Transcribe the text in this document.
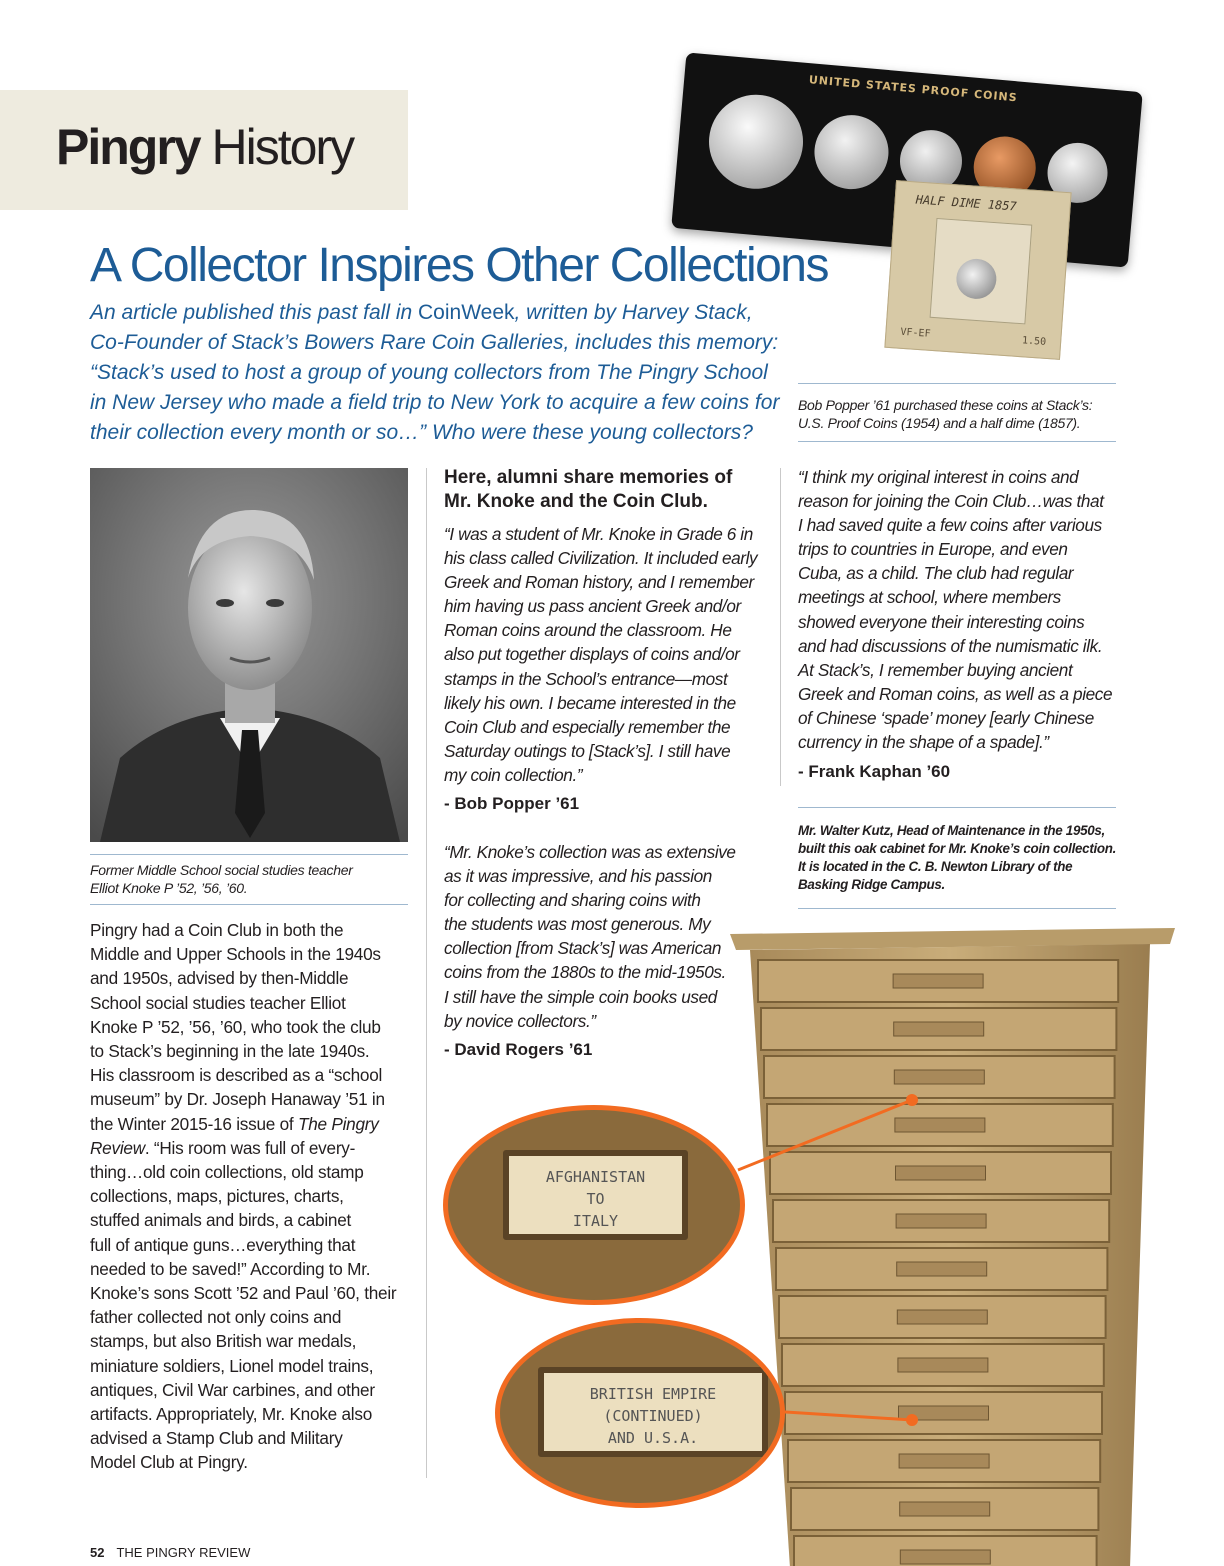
Pingry History
UNITED STATES PROOF COINS
HALF DIME 1857
VF-EF
1.50
A Collector Inspires Other Collections
An article published this past fall in CoinWeek, written by Harvey Stack,
Co-Founder of Stack’s Bowers Rare Coin Galleries, includes this memory:
“Stack’s used to host a group of young collectors from The Pingry School
in New Jersey who made a field trip to New York to acquire a few coins for
their collection every month or so…” Who were these young collectors?
Bob Popper ’61 purchased these coins at Stack’s:
U.S. Proof Coins (1954) and a half dime (1857).
Former Middle School social studies teacher
Elliot Knoke P ’52, ’56, ’60.
Pingry had a Coin Club in both the
Middle and Upper Schools in the 1940s
and 1950s, advised by then-Middle
School social studies teacher Elliot
Knoke P ’52, ’56, ’60, who took the club
to Stack’s beginning in the late 1940s.
His classroom is described as a “school
museum” by Dr. Joseph Hanaway ’51 in
the Winter 2015-16 issue of The Pingry
Review. “His room was full of every-
thing…old coin collections, old stamp
collections, maps, pictures, charts,
stuffed animals and birds, a cabinet
full of antique guns…everything that
needed to be saved!” According to Mr.
Knoke’s sons Scott ’52 and Paul ’60, their
father collected not only coins and
stamps, but also British war medals,
miniature soldiers, Lionel model trains,
antiques, Civil War carbines, and other
artifacts. Appropriately, Mr. Knoke also
advised a Stamp Club and Military
Model Club at Pingry.
Here, alumni share memories of
Mr. Knoke and the Coin Club.
“I was a student of Mr. Knoke in Grade 6 in
his class called Civilization. It included early
Greek and Roman history, and I remember
him having us pass ancient Greek and/or
Roman coins around the classroom. He
also put together displays of coins and/or
stamps in the School’s entrance—most
likely his own. I became interested in the
Coin Club and especially remember the
Saturday outings to [Stack’s]. I still have
my coin collection.”
- Bob Popper ’61
“Mr. Knoke’s collection was as extensive
as it was impressive, and his passion
for collecting and sharing coins with
the students was most generous. My
collection [from Stack’s] was American
coins from the 1880s to the mid-1950s.
I still have the simple coin books used
by novice collectors.”
- David Rogers ’61
“I think my original interest in coins and
reason for joining the Coin Club…was that
I had saved quite a few coins after various
trips to countries in Europe, and even
Cuba, as a child. The club had regular
meetings at school, where members
showed everyone their interesting coins
and had discussions of the numismatic ilk.
At Stack’s, I remember buying ancient
Greek and Roman coins, as well as a piece
of Chinese ‘spade’ money [early Chinese
currency in the shape of a spade].”
- Frank Kaphan ’60
Mr. Walter Kutz, Head of Maintenance in the 1950s,
built this oak cabinet for Mr. Knoke’s coin collection.
It is located in the C. B. Newton Library of the
Basking Ridge Campus.
AFGHANISTAN
TO
ITALY
BRITISH EMPIRE
(CONTINUED)
AND U.S.A.
52 THE PINGRY REVIEW
